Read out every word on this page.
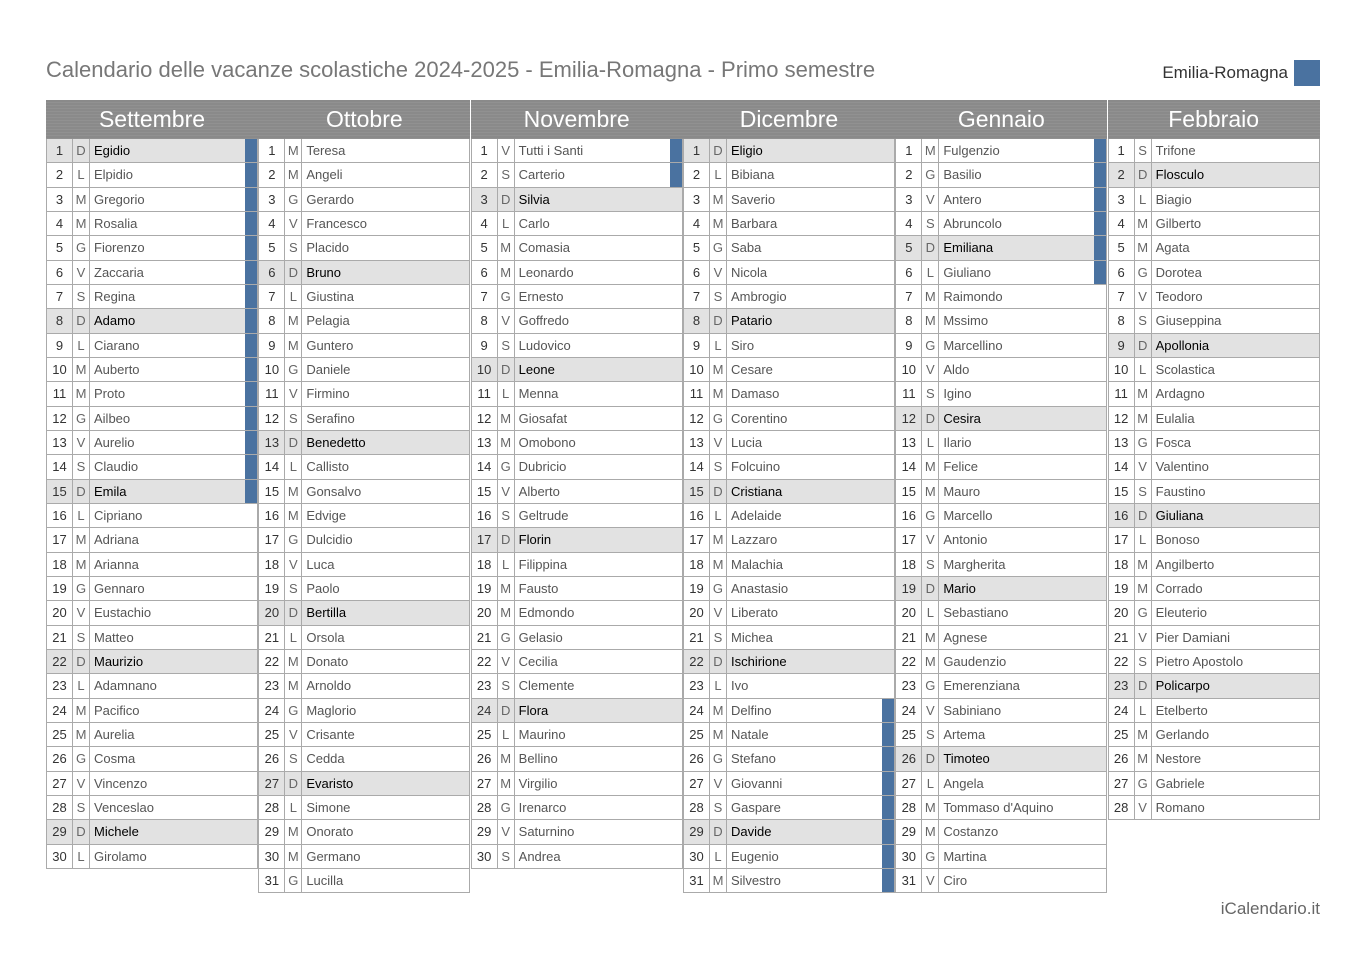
Calendario delle vacanze scolastiche 2024-2025 - Emilia-Romagna - Primo semestre	Emilia-Romagna
Settembre
1	D Egidio
2	L Elpidio
3 M Gregorio
4 M Rosalia
5 G Fiorenzo
6	V Zaccaria
7	S Regina
8	D Adamo
9	L Ciarano
10 M Auberto
11 M Proto
12 G Ailbeo
13 V Aurelio
14 S Claudio
15 D Emila
16 L Cipriano
17 M Adriana
18 M Arianna
19 G Gennaro
20 V Eustachio
21 S Matteo
22 D Maurizio
23 L Adamnano
24 M Pacifico
25 M Aurelia
26 G Cosma
27 V Vincenzo
28 S Venceslao
29 D Michele
30 L Girolamo
Ottobre
1 M Teresa
2 M Angeli
3 G Gerardo
4	V Francesco
5	S Placido
6	D Bruno
7	L Giustina
8 M Pelagia
9 M Guntero
10 G Daniele
11 V Firmino
12 S Serafino
13 D Benedetto
14 L Callisto
15 M Gonsalvo
16 M Edvige
17 G Dulcidio
18 V Luca
19 S Paolo
20 D Bertilla
21 L Orsola
22 M Donato
23 M Arnoldo
24 G Maglorio
25 V Crisante
26 S Cedda
27 D Evaristo
28 L Simone
29 M Onorato
30 M Germano
31 G Lucilla
Novembre
1	V Tutti i Santi
2	S Carterio
3	D Silvia
4	L Carlo
5 M Comasia
6 M Leonardo
7 G Ernesto
8	V Goffredo
9	S Ludovico
10 D Leone
11 L Menna
12 M Giosafat
13 M Omobono
14 G Dubricio
15 V Alberto
16 S Geltrude
17 D Florin
18 L Filippina
19 M Fausto
20 M Edmondo
21 G Gelasio
22 V Cecilia
23 S Clemente
24 D Flora
25 L Maurino
26 M Bellino
27 M Virgilio
28 G Irenarco
29 V Saturnino
30 S Andrea
Dicembre
1	D Eligio
2	L Bibiana
3 M Saverio
4 M Barbara
5 G Saba
6	V Nicola
7	S Ambrogio
8	D Patario
9	L Siro
10 M Cesare
11 M Damaso
12 G Corentino
13 V Lucia
14 S Folcuino
15 D Cristiana
16 L Adelaide
17 M Lazzaro
18 M Malachia
19 G Anastasio
20 V Liberato
21 S Michea
22 D Ischirione
23 L Ivo
24 M Delfino
25 M Natale
26 G Stefano
27 V Giovanni
28 S Gaspare
29 D Davide
30 L Eugenio
31 M Silvestro
Gennaio
1 M Fulgenzio
2 G Basilio
3	V Antero
4	S Abruncolo
5	D Emiliana
6	L Giuliano
7 M Raimondo
8 M Mssimo
9 G Marcellino
10 V Aldo
11 S Igino
12 D Cesira
13 L Ilario
14 M Felice
15 M Mauro
16 G Marcello
17 V Antonio
18 S Margherita
19 D Mario
20 L Sebastiano
21 M Agnese
22 M Gaudenzio
23 G Emerenziana
24 V Sabiniano
25 S Artema
26 D Timoteo
27 L Angela
28 M Tommaso d'Aquino
29 M Costanzo
30 G Martina
31 V Ciro
Febbraio
1	S Trifone
2	D Flosculo
3	L Biagio
4 M Gilberto
5 M Agata
6 G Dorotea
7	V Teodoro
8	S Giuseppina
9	D Apollonia
10 L Scolastica
11 M Ardagno
12 M Eulalia
13 G Fosca
14 V Valentino
15 S Faustino
16 D Giuliana
17 L Bonoso
18 M Angilberto
19 M Corrado
20 G Eleuterio
21 V Pier Damiani
22 S Pietro Apostolo
23 D Policarpo
24 L Etelberto
25 M Gerlando
26 M Nestore
27 G Gabriele
28 V Romano
iCalendario.it
